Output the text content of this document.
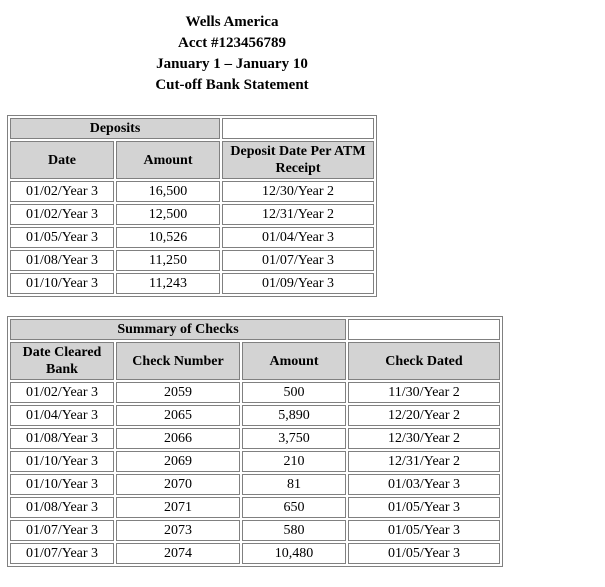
Wells America
Acct #123456789
January 1 – January 10
Cut-off Bank Statement
Deposits		
Date	Amount	Deposit Date Per ATM Receipt
01/02/Year 3	16,500	12/30/Year 2
01/02/Year 3	12,500	12/31/Year 2
01/05/Year 3	10,526	01/04/Year 3
01/08/Year 3	11,250	01/07/Year 3
01/10/Year 3	11,243	01/09/Year 3
Summary of Checks			
Date Cleared Bank	Check Number	Amount	Check Dated
01/02/Year 3	2059	500	11/30/Year 2
01/04/Year 3	2065	5,890	12/20/Year 2
01/08/Year 3	2066	3,750	12/30/Year 2
01/10/Year 3	2069	210	12/31/Year 2
01/10/Year 3	2070	81	01/03/Year 3
01/08/Year 3	2071	650	01/05/Year 3
01/07/Year 3	2073	580	01/05/Year 3
01/07/Year 3	2074	10,480	01/05/Year 3
